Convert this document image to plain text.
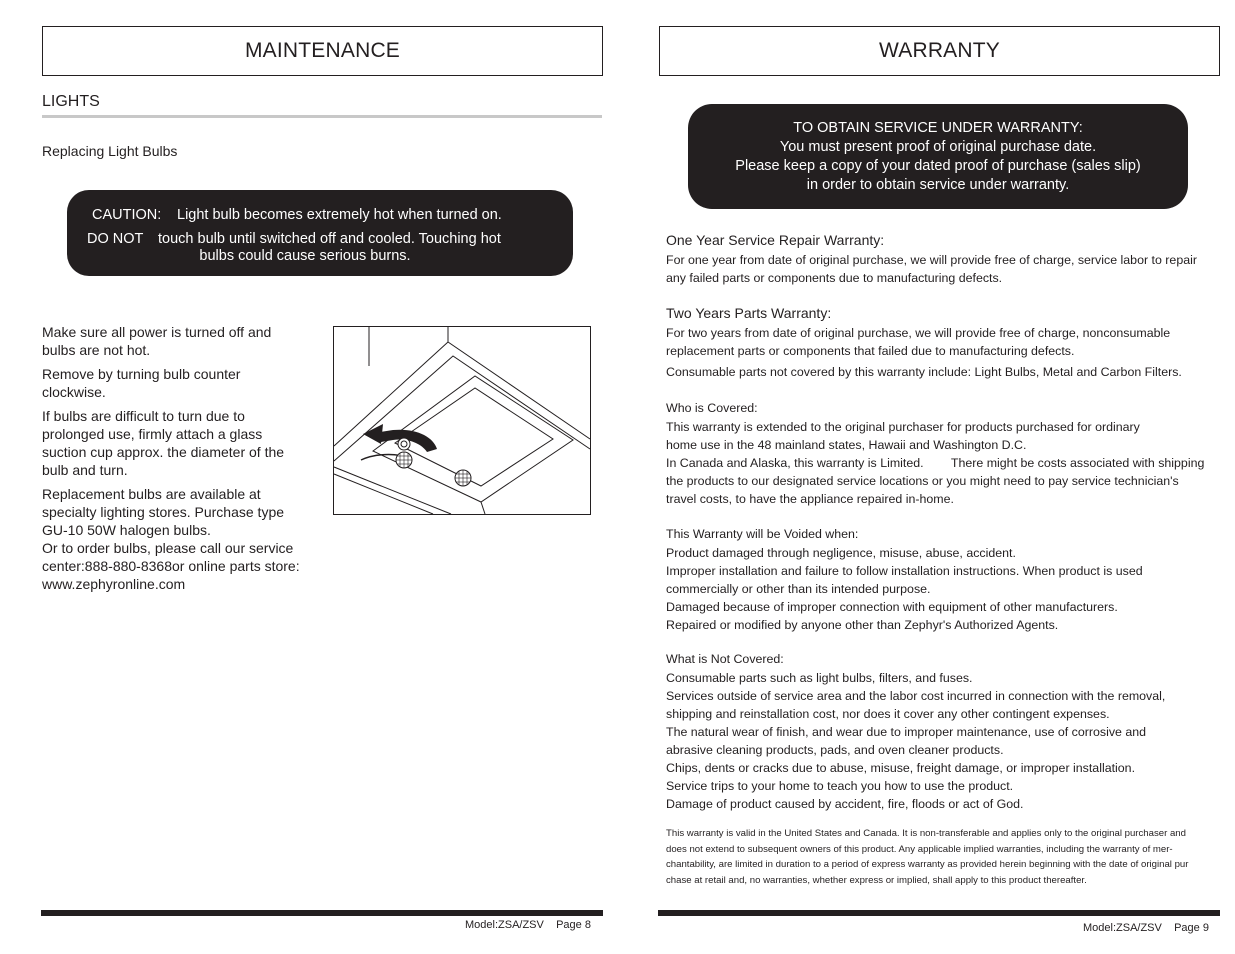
MAINTENANCE
LIGHTS
Replacing Light Bulbs
CAUTION: Light bulb becomes extremely hot when turned on.
DO NOT touch bulb until switched off and cooled. Touching hot
bulbs could cause serious burns.
Make sure all power is turned off and
bulbs are not hot.
Remove by turning bulb counter
clockwise.
If bulbs are difficult to turn due to
prolonged use, firmly attach a glass
suction cup approx. the diameter of the
bulb and turn.
Replacement bulbs are available at
specialty lighting stores. Purchase type
GU-10 50W halogen bulbs.
Or to order bulbs, please call our service
center:888-880-8368or online parts store:
www.zephyronline.com
Model:ZSA/ZSV    Page 8
WARRANTY
TO OBTAIN SERVICE UNDER WARRANTY:
You must present proof of original purchase date.
Please keep a copy of your dated proof of purchase (sales slip)
in order to obtain service under warranty.
One Year Service Repair Warranty:
For one year from date of original purchase, we will provide free of charge, service labor to repair
any failed parts or components due to manufacturing defects.
Two Years Parts Warranty:
For two years from date of original purchase, we will provide free of charge, nonconsumable
replacement parts or components that failed due to manufacturing defects.
Consumable parts not covered by this warranty include: Light Bulbs, Metal and Carbon Filters.
Who is Covered:
This warranty is extended to the original purchaser for products purchased for ordinary
home use in the 48 mainland states, Hawaii and Washington D.C.
In Canada and Alaska, this warranty is Limited.        There might be costs associated with shipping
the products to our designated service locations or you might need to pay service technician's
travel costs, to have the appliance repaired in-home.
This Warranty will be Voided when:
Product damaged through negligence, misuse, abuse, accident.
Improper installation and failure to follow installation instructions. When product is used
commercially or other than its intended purpose.
Damaged because of improper connection with equipment of other manufacturers.
Repaired or modified by anyone other than Zephyr's Authorized Agents.
What is Not Covered:
Consumable parts such as light bulbs, filters, and fuses.
Services outside of service area and the labor cost incurred in connection with the removal,
shipping and reinstallation cost, nor does it cover any other contingent expenses.
The natural wear of finish, and wear due to improper maintenance, use of corrosive and
abrasive cleaning products, pads, and oven cleaner products.
Chips, dents or cracks due to abuse, misuse, freight damage, or improper installation.
Service trips to your home to teach you how to use the product.
Damage of product caused by accident, fire, floods or act of God.
This warranty is valid in the United States and Canada. It is non-transferable and applies only to the original purchaser and
does not extend to subsequent owners of this product. Any applicable implied warranties, including the warranty of mer-
chantability, are limited in duration to a period of express warranty as provided herein beginning with the date of original pur
chase at retail and, no warranties, whether express or implied, shall apply to this product thereafter.
Model:ZSA/ZSV    Page 9
